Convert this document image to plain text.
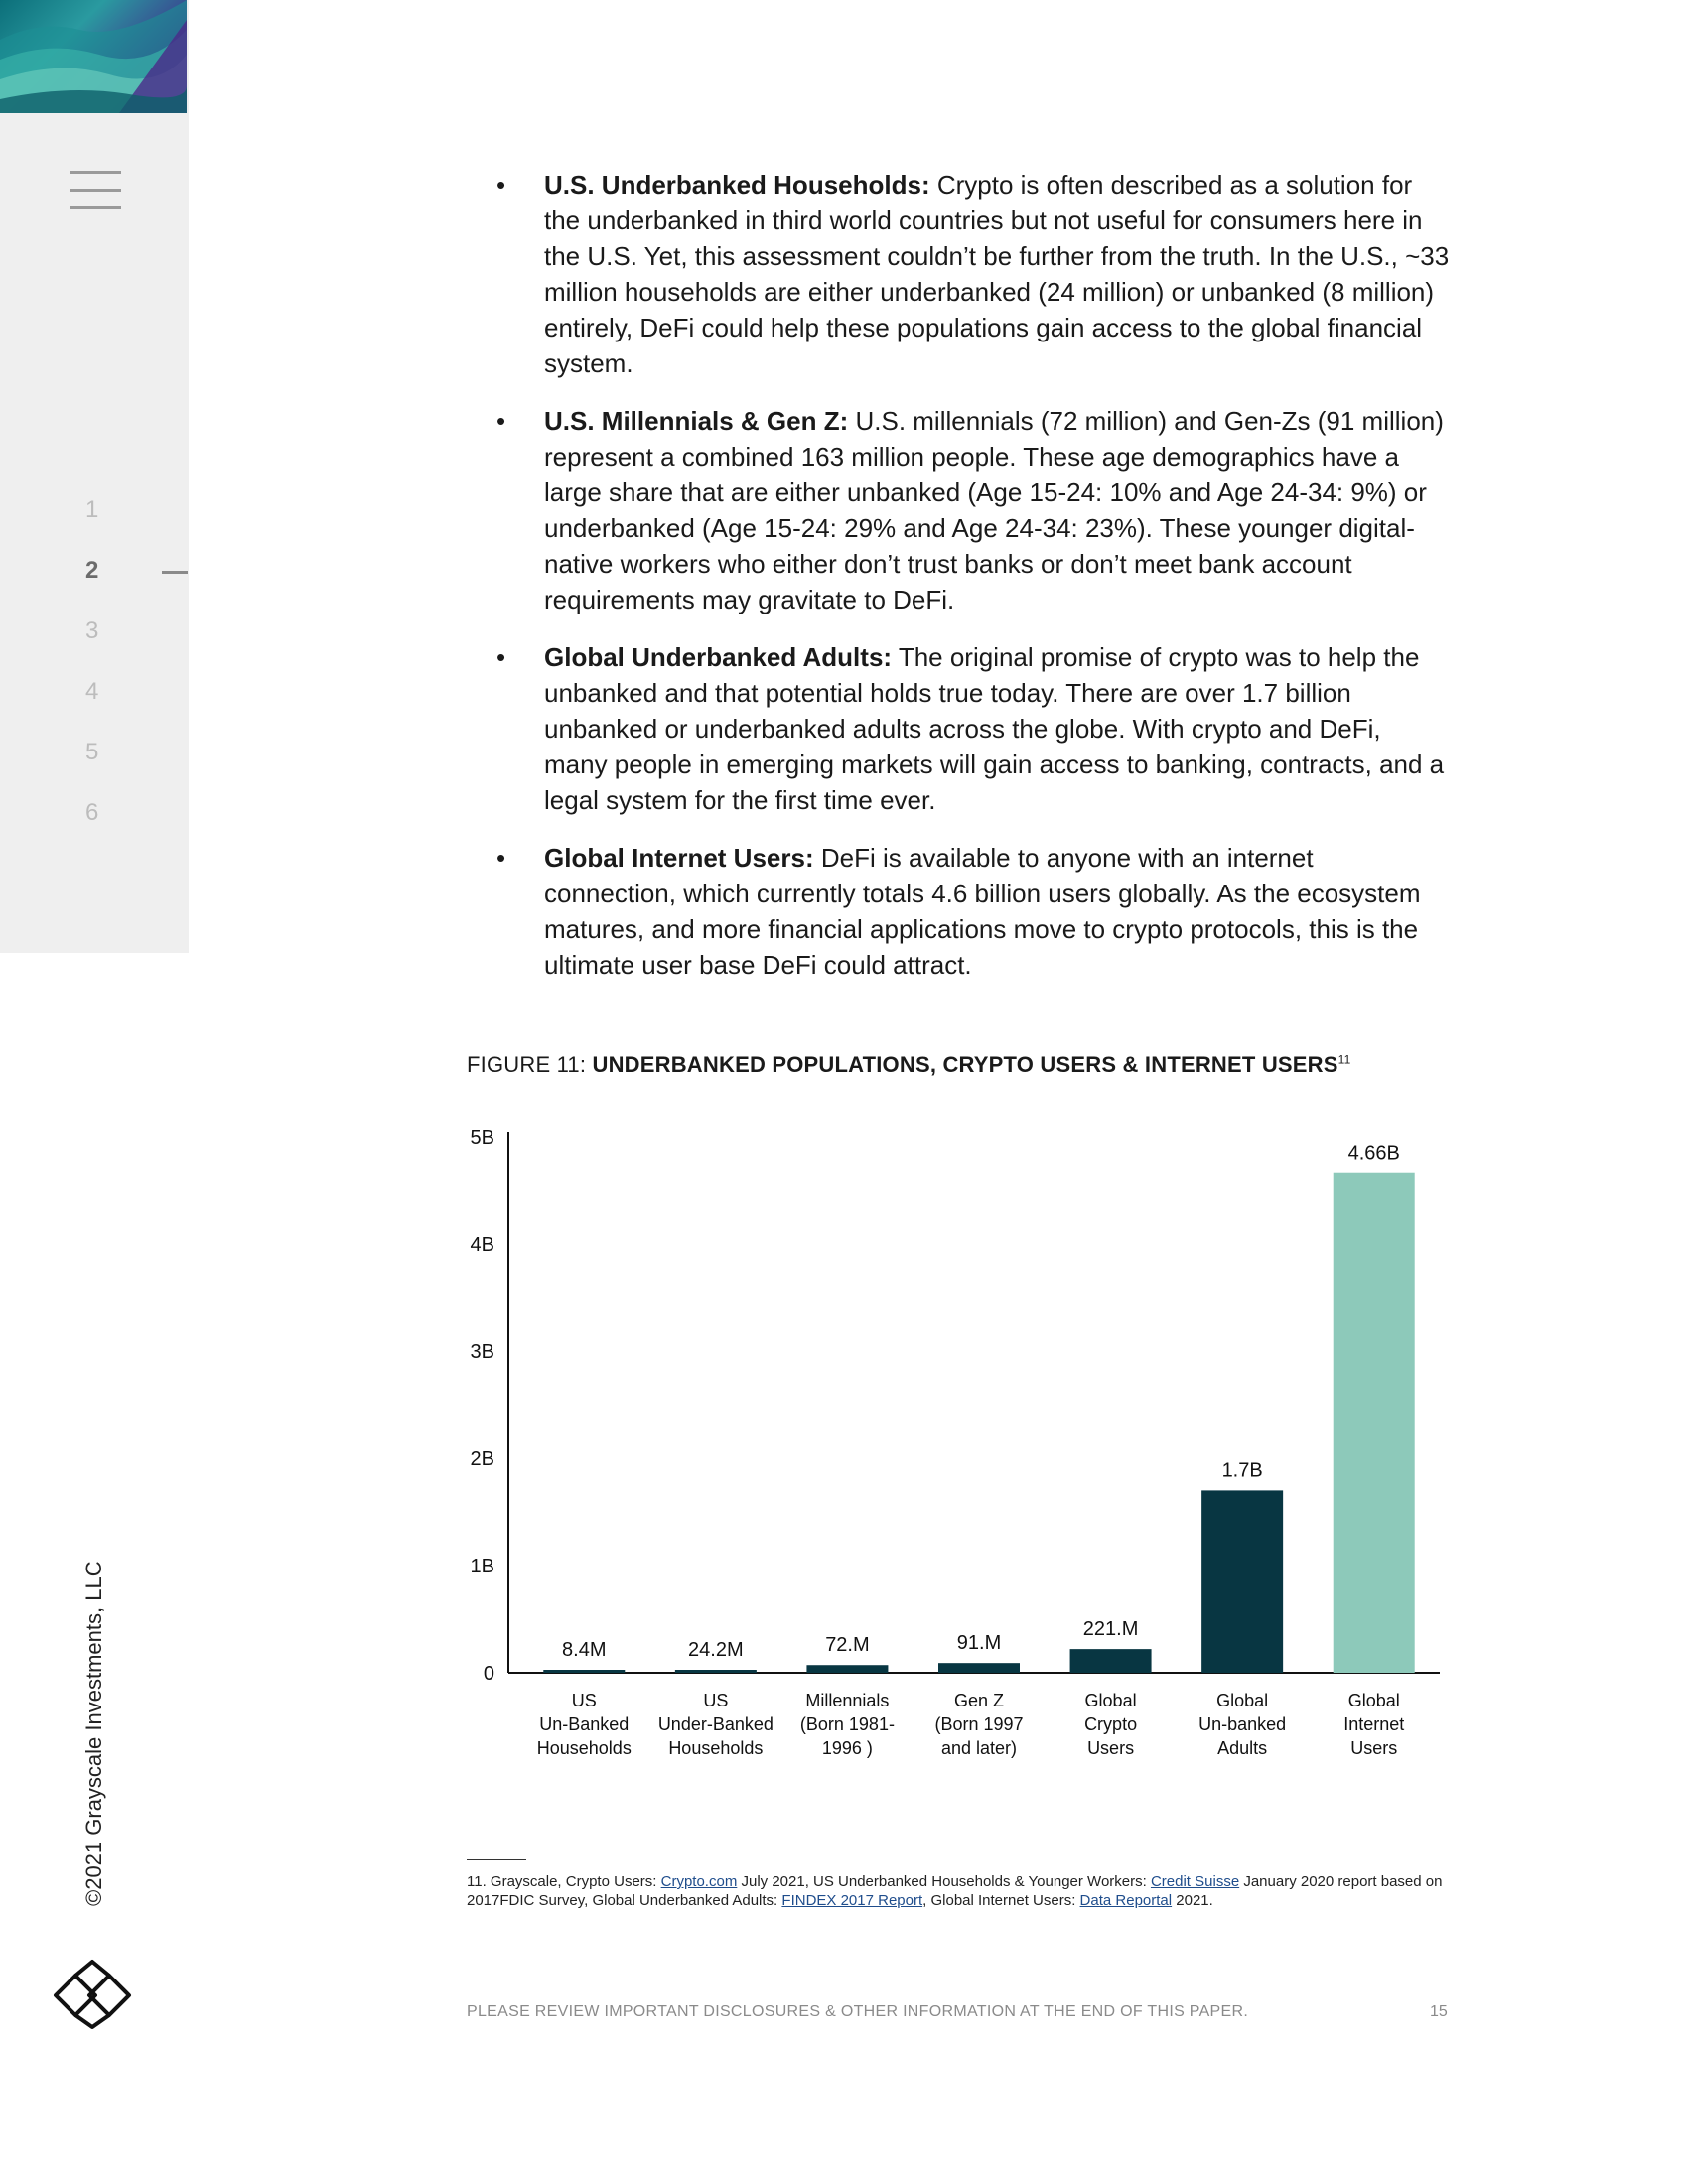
1
2
3
4
5
6
©2021 Grayscale Investments, LLC
• U.S. Underbanked Households: Crypto is often described as a solution for the underbanked in third world countries but not useful for consumers here in the U.S. Yet, this assessment couldn’t be further from the truth. In the U.S., ~33 million households are either underbanked (24 million) or unbanked (8 million) entirely, DeFi could help these populations gain access to the global financial system.
• U.S. Millennials & Gen Z: U.S. millennials (72 million) and Gen-Zs (91 million) represent a combined 163 million people. These age demographics have a large share that are either unbanked (Age 15-24: 10% and Age 24-34: 9%) or underbanked (Age 15-24: 29% and Age 24-34: 23%). These younger digital-native workers who either don’t trust banks or don’t meet bank account requirements may gravitate to DeFi.
• Global Underbanked Adults: The original promise of crypto was to help the unbanked and that potential holds true today. There are over 1.7 billion unbanked or underbanked adults across the globe. With crypto and DeFi, many people in emerging markets will gain access to banking, contracts, and a legal system for the first time ever.
• Global Internet Users: DeFi is available to anyone with an internet connection, which currently totals 4.6 billion users globally. As the ecosystem matures, and more financial applications move to crypto protocols, this is the ultimate user base DeFi could attract.
FIGURE 11: UNDERBANKED POPULATIONS, CRYPTO USERS & INTERNET USERS$^{11}$
0
1B
2B
3B
4B
5B
8.4M
US
Un-Banked
Households
24.2M
US
Under-Banked
Households
72.M
Millennials
(Born 1981-
1996 )
91.M
Gen Z
(Born 1997
and later)
221.M
Global
Crypto
Users
1.7B
Global
Un-banked
Adults
4.66B
Global
Internet
Users
11. Grayscale, Crypto Users: Crypto.com July 2021, US Underbanked Households & Younger Workers: Credit Suisse January 2020 report based on 2017FDIC Survey, Global Underbanked Adults: FINDEX 2017 Report, Global Internet Users: Data Reportal 2021.
PLEASE REVIEW IMPORTANT DISCLOSURES & OTHER INFORMATION AT THE END OF THIS PAPER.	15
